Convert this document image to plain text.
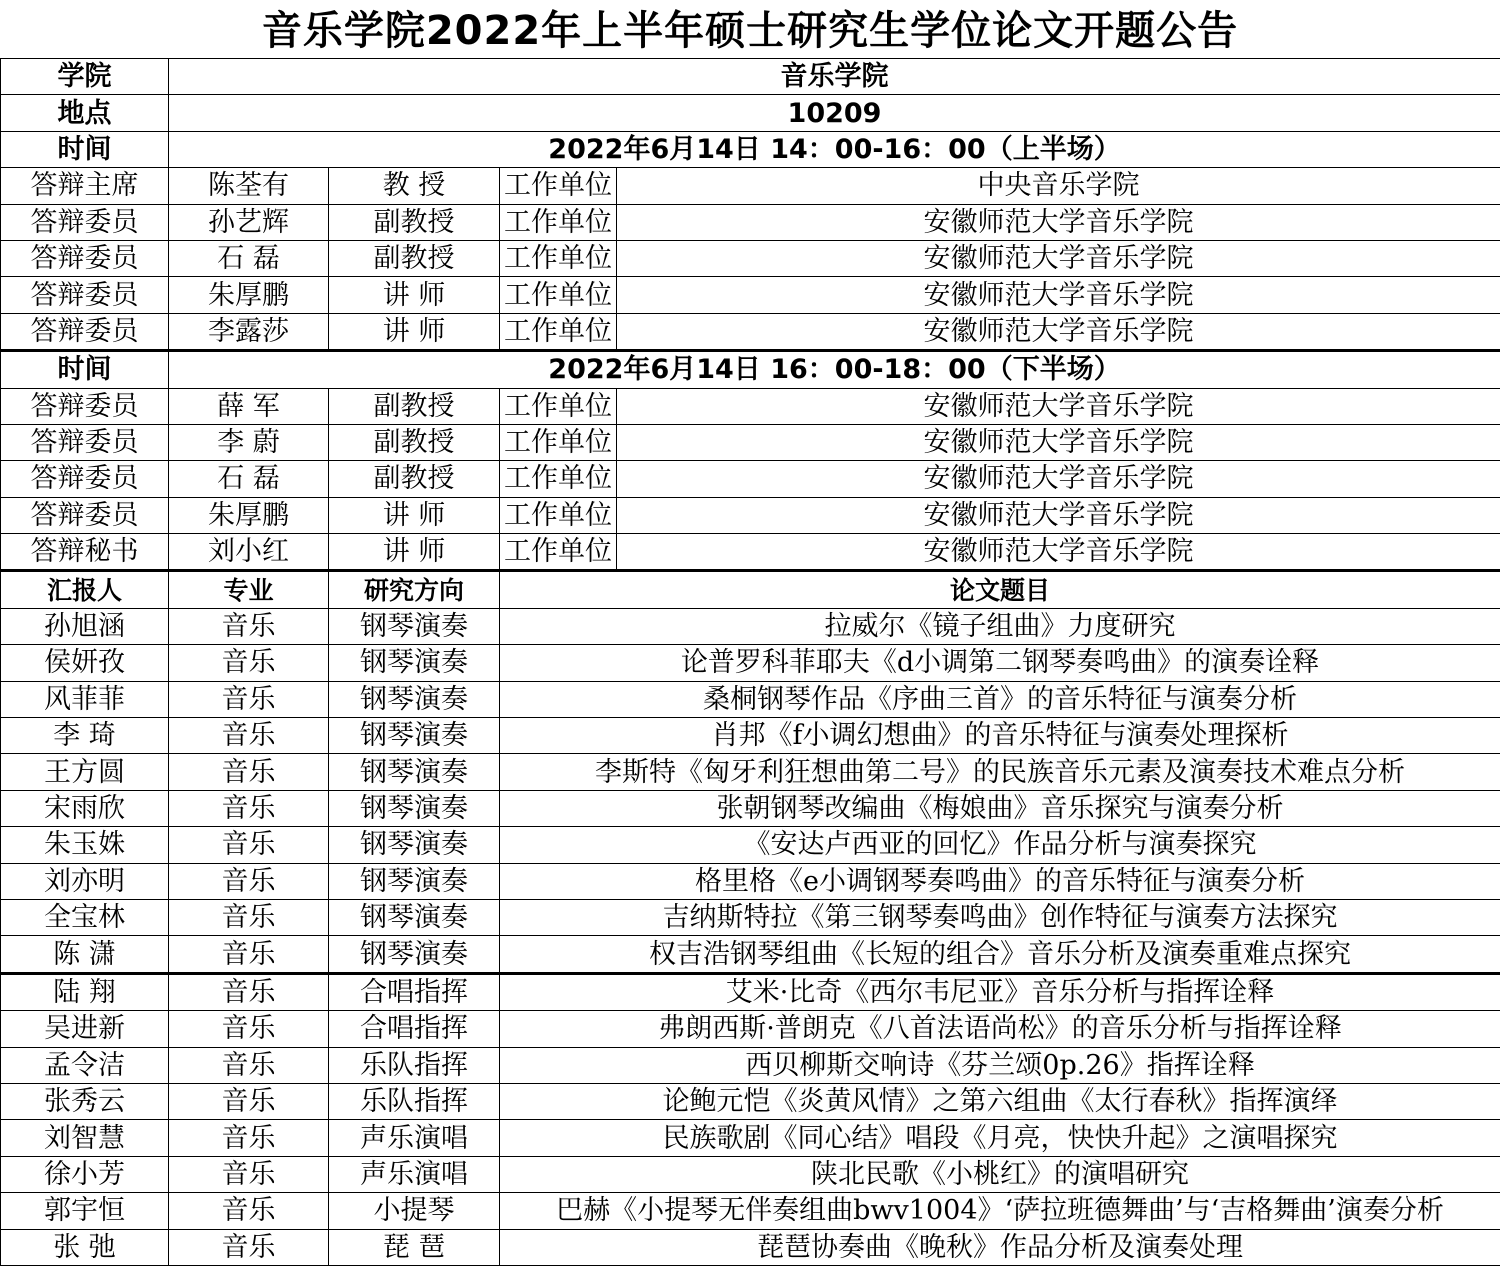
音乐学院2022年上半年硕士研究生学位论文开题公告
学院	音乐学院			
地点	10209			
时间	2022年6月14日 14：00-16：00（上半场）			
答辩主席	陈荃有	教 授	工作单位	中央音乐学院
答辩委员	孙艺辉	副教授	工作单位	安徽师范大学音乐学院
答辩委员	石 磊	副教授	工作单位	安徽师范大学音乐学院
答辩委员	朱厚鹏	讲 师	工作单位	安徽师范大学音乐学院
答辩委员	李露莎	讲 师	工作单位	安徽师范大学音乐学院
时间	2022年6月14日 16：00-18：00（下半场）			
答辩委员	薛 军	副教授	工作单位	安徽师范大学音乐学院
答辩委员	李 蔚	副教授	工作单位	安徽师范大学音乐学院
答辩委员	石 磊	副教授	工作单位	安徽师范大学音乐学院
答辩委员	朱厚鹏	讲 师	工作单位	安徽师范大学音乐学院
答辩秘书	刘小红	讲 师	工作单位	安徽师范大学音乐学院
汇报人	专业	研究方向	论文题目	
孙旭涵	音乐	钢琴演奏	拉威尔《镜子组曲》力度研究	
侯妍孜	音乐	钢琴演奏	论普罗科菲耶夫《d小调第二钢琴奏鸣曲》的演奏诠释	
风菲菲	音乐	钢琴演奏	桑桐钢琴作品《序曲三首》的音乐特征与演奏分析	
李 琦	音乐	钢琴演奏	肖邦《f小调幻想曲》的音乐特征与演奏处理探析	
王方圆	音乐	钢琴演奏	李斯特《匈牙利狂想曲第二号》的民族音乐元素及演奏技术难点分析	
宋雨欣	音乐	钢琴演奏	张朝钢琴改编曲《梅娘曲》音乐探究与演奏分析	
朱玉姝	音乐	钢琴演奏	《安达卢西亚的回忆》作品分析与演奏探究	
刘亦明	音乐	钢琴演奏	格里格《e小调钢琴奏鸣曲》的音乐特征与演奏分析	
全宝林	音乐	钢琴演奏	吉纳斯特拉《第三钢琴奏鸣曲》创作特征与演奏方法探究	
陈 潇	音乐	钢琴演奏	权吉浩钢琴组曲《长短的组合》音乐分析及演奏重难点探究	
陆 翔	音乐	合唱指挥	艾米·比奇《西尔韦尼亚》音乐分析与指挥诠释	
吴进新	音乐	合唱指挥	弗朗西斯·普朗克《八首法语尚松》的音乐分析与指挥诠释	
孟令洁	音乐	乐队指挥	西贝柳斯交响诗《芬兰颂0p.26》指挥诠释	
张秀云	音乐	乐队指挥	论鲍元恺《炎黄风情》之第六组曲《太行春秋》指挥演绎	
刘智慧	音乐	声乐演唱	民族歌剧《同心结》唱段《月亮，快快升起》之演唱探究	
徐小芳	音乐	声乐演唱	陕北民歌《小桃红》的演唱研究	
郭宇恒	音乐	小提琴	巴赫《小提琴无伴奏组曲bwv1004》‘萨拉班德舞曲’与‘吉格舞曲’演奏分析	
张 弛	音乐	琵 琶	琵琶协奏曲《晚秋》作品分析及演奏处理	
